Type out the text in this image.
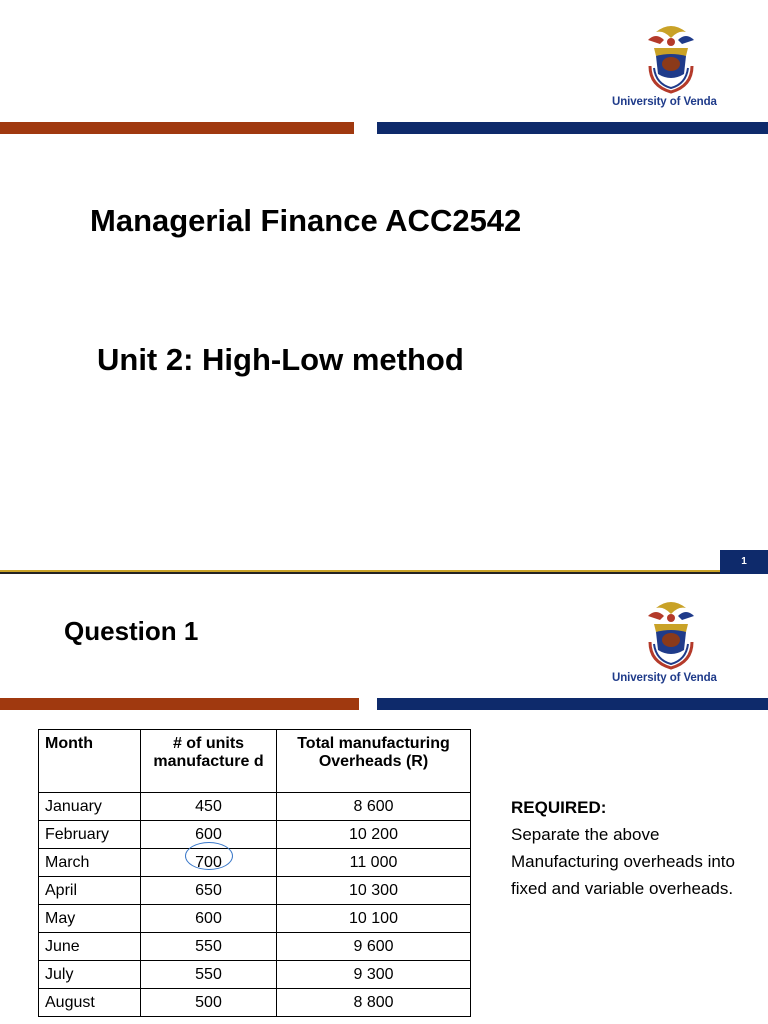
University of Venda
Managerial Finance ACC2542
Unit 2: High-Low method
1
Question 1
University of Venda
Month	# of units manufacture d	Total manufacturing Overheads (R)
January	450	8 600
February	600	10 200
March	700	11 000
April	650	10 300
May	600	10 100
June	550	9 600
July	550	9 300
August	500	8 800
REQUIRED:
Separate the above Manufacturing overheads into fixed and variable overheads.
